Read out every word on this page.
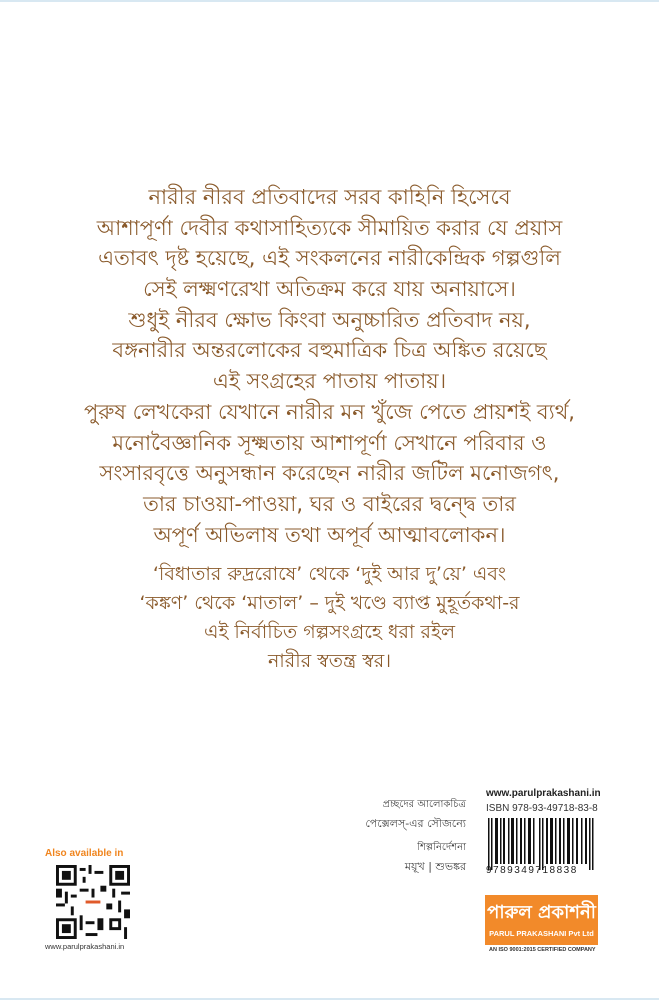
নারীর নীরব প্রতিবাদের সরব কাহিনি হিসেবে
আশাপূর্ণা দেবীর কথাসাহিত্যকে সীমায়িত করার যে প্রয়াস
এতাবৎ দৃষ্ট হয়েছে, এই সংকলনের নারীকেন্দ্রিক গল্পগুলি
সেই লক্ষ্মণরেখা অতিক্রম করে যায় অনায়াসে।
শুধুই নীরব ক্ষোভ কিংবা অনুচ্চারিত প্রতিবাদ নয়,
বঙ্গনারীর অন্তরলোকের বহুমাত্রিক চিত্র অঙ্কিত রয়েছে
এই সংগ্রহের পাতায় পাতায়।
পুরুষ লেখকেরা যেখানে নারীর মন খুঁজে পেতে প্রায়শই ব্যর্থ,
মনোবৈজ্ঞানিক সূক্ষ্মতায় আশাপূর্ণা সেখানে পরিবার ও
সংসারবৃত্তে অনুসন্ধান করেছেন নারীর জটিল মনোজগৎ,
তার চাওয়া-পাওয়া, ঘর ও বাইরের দ্বন্দ্বে তার
অপূর্ণ অভিলাষ তথা অপূর্ব আত্মাবলোকন।
‘বিধাতার রুদ্ররোষে’ থেকে ‘দুই আর দু’য়ে’ এবং
‘কঙ্কণ’ থেকে ‘মাতাল’ – দুই খণ্ডে ব্যাপ্ত মুহূর্তকথা-র
এই নির্বাচিত গল্পসংগ্রহে ধরা রইল
নারীর স্বতন্ত্র স্বর।
Also available in
www.parulprakashani.in
প্রচ্ছদের আলোকচিত্র
পেক্সেলস্-এর সৌজন্যে
শিল্পনির্দেশনা
ময়ূখ | শুভঙ্কর
www.parulprakashani.in
ISBN 978-93-49718-83-8
9789349718838
পারুল প্রকাশনী
PARUL PRAKASHANI Pvt Ltd
AN ISO 9001:2015 CERTIFIED COMPANY
